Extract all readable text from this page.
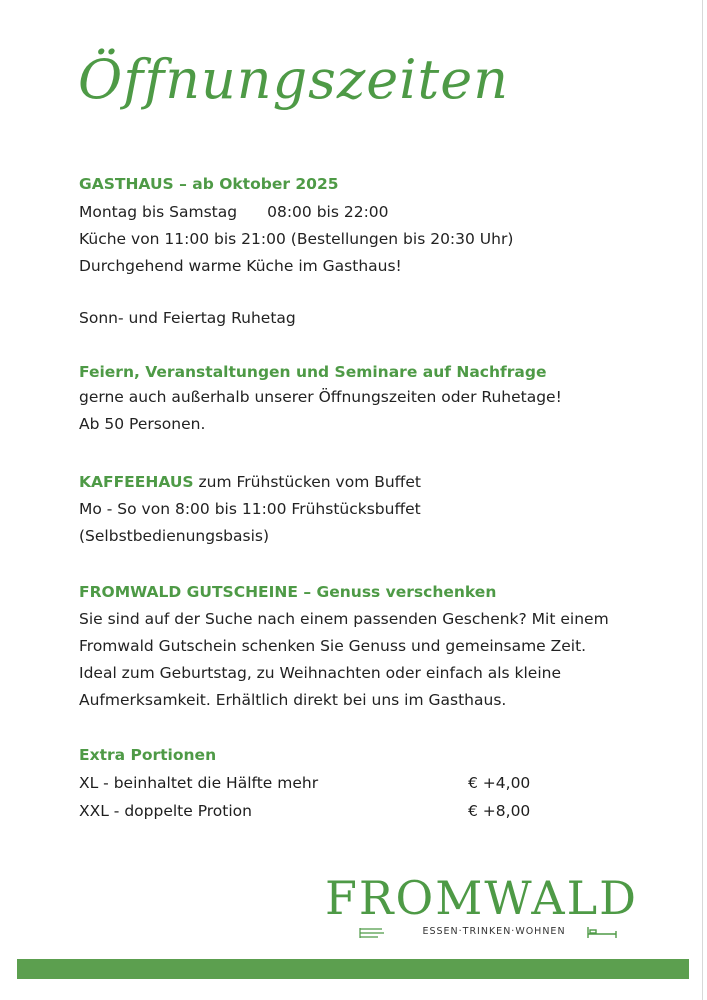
Öffnungszeiten
GASTHAUS – ab Oktober 2025
Montag bis Samstag 08:00 bis 22:00
Küche von 11:00 bis 21:00 (Bestellungen bis 20:30 Uhr)
Durchgehend warme Küche im Gasthaus!
Sonn- und Feiertag Ruhetag
Feiern, Veranstaltungen und Seminare auf Nachfrage
gerne auch außerhalb unserer Öffnungszeiten oder Ruhetage!
Ab 50 Personen.
KAFFEEHAUS zum Frühstücken vom Buffet
Mo - So von 8:00 bis 11:00 Frühstücksbuffet
(Selbstbedienungsbasis)
FROMWALD GUTSCHEINE – Genuss verschenken
Sie sind auf der Suche nach einem passenden Geschenk? Mit einem
Fromwald Gutschein schenken Sie Genuss und gemeinsame Zeit.
Ideal zum Geburtstag, zu Weihnachten oder einfach als kleine
Aufmerksamkeit. Erhältlich direkt bei uns im Gasthaus.
Extra Portionen
XL - beinhaltet die Hälfte mehr	€ +4,00
XXL - doppelte Protion	€ +8,00
FROMWALD
ESSEN·TRINKEN·WOHNEN
